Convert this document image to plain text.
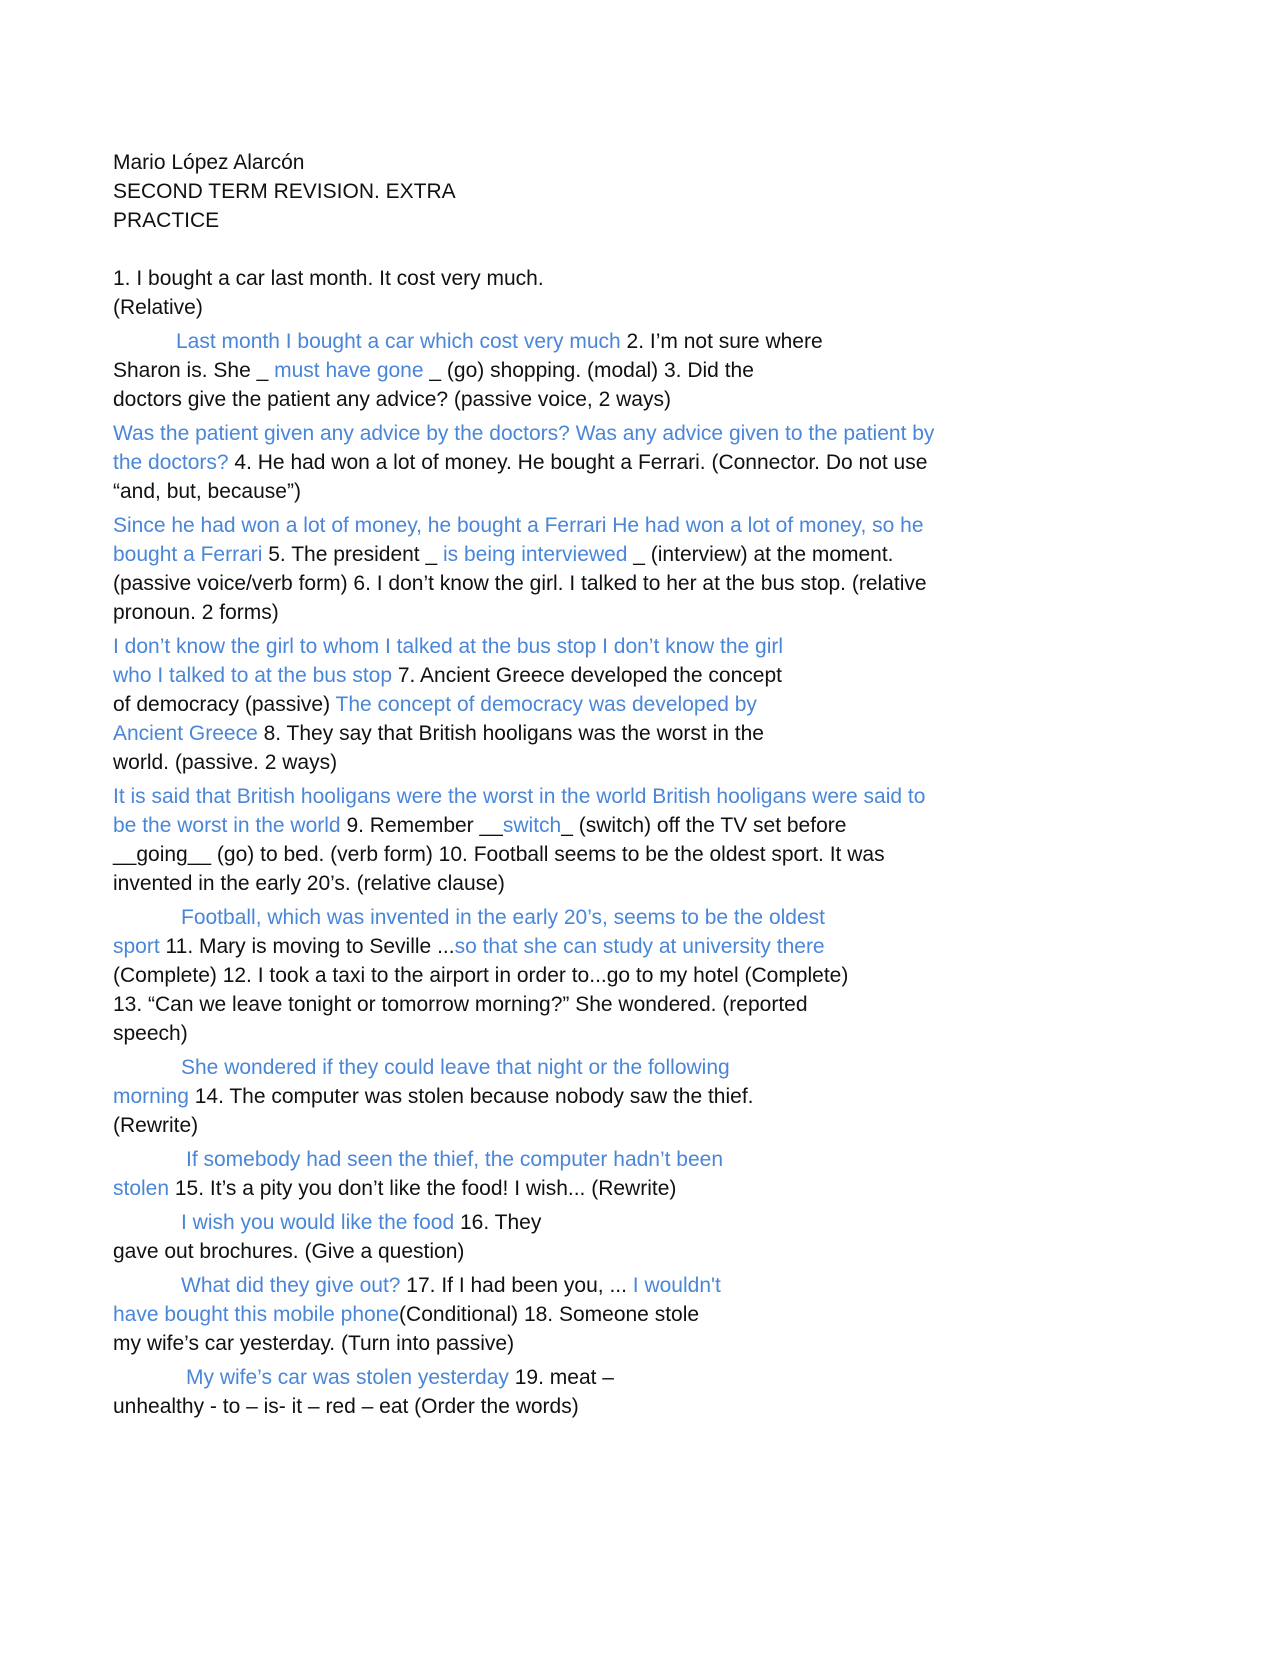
Mario López Alarcón

SECOND TERM REVISION. EXTRA

PRACTICE

1. I bought a car last month. It cost very much.

(Relative)

Last month I bought a car which cost very much 2. I’m not sure where

Sharon is. She _ must have gone _ (go) shopping. (modal) 3. Did the

doctors give the patient any advice? (passive voice, 2 ways)

Was the patient given any advice by the doctors? Was any advice given to the patient by

the doctors? 4. He had won a lot of money. He bought a Ferrari. (Connector. Do not use

“and, but, because”)

Since he had won a lot of money, he bought a Ferrari He had won a lot of money, so he

bought a Ferrari 5. The president _ is being interviewed _ (interview) at the moment.

(passive voice/verb form) 6. I don’t know the girl. I talked to her at the bus stop. (relative

pronoun. 2 forms)

I don’t know the girl to whom I talked at the bus stop I don’t know the girl

who I talked to at the bus stop 7. Ancient Greece developed the concept

of democracy (passive) The concept of democracy was developed by

Ancient Greece 8. They say that British hooligans was the worst in the

world. (passive. 2 ways)

It is said that British hooligans were the worst in the world British hooligans were said to

be the worst in the world 9. Remember __switch_ (switch) off the TV set before

__going__ (go) to bed. (verb form) 10. Football seems to be the oldest sport. It was

invented in the early 20’s. (relative clause)

Football, which was invented in the early 20’s, seems to be the oldest

sport 11. Mary is moving to Seville ...so that she can study at university there

(Complete) 12. I took a taxi to the airport in order to...go to my hotel (Complete)

13. “Can we leave tonight or tomorrow morning?” She wondered. (reported

speech)

She wondered if they could leave that night or the following

morning 14. The computer was stolen because nobody saw the thief.

(Rewrite)

If somebody had seen the thief, the computer hadn’t been

stolen 15. It’s a pity you don’t like the food! I wish... (Rewrite)

I wish you would like the food 16. They

gave out brochures. (Give a question)

What did they give out? 17. If I had been you, ... I wouldn't

have bought this mobile phone(Conditional) 18. Someone stole

my wife’s car yesterday. (Turn into passive)

My wife’s car was stolen yesterday 19. meat –

unhealthy - to – is- it – red – eat (Order the words)
